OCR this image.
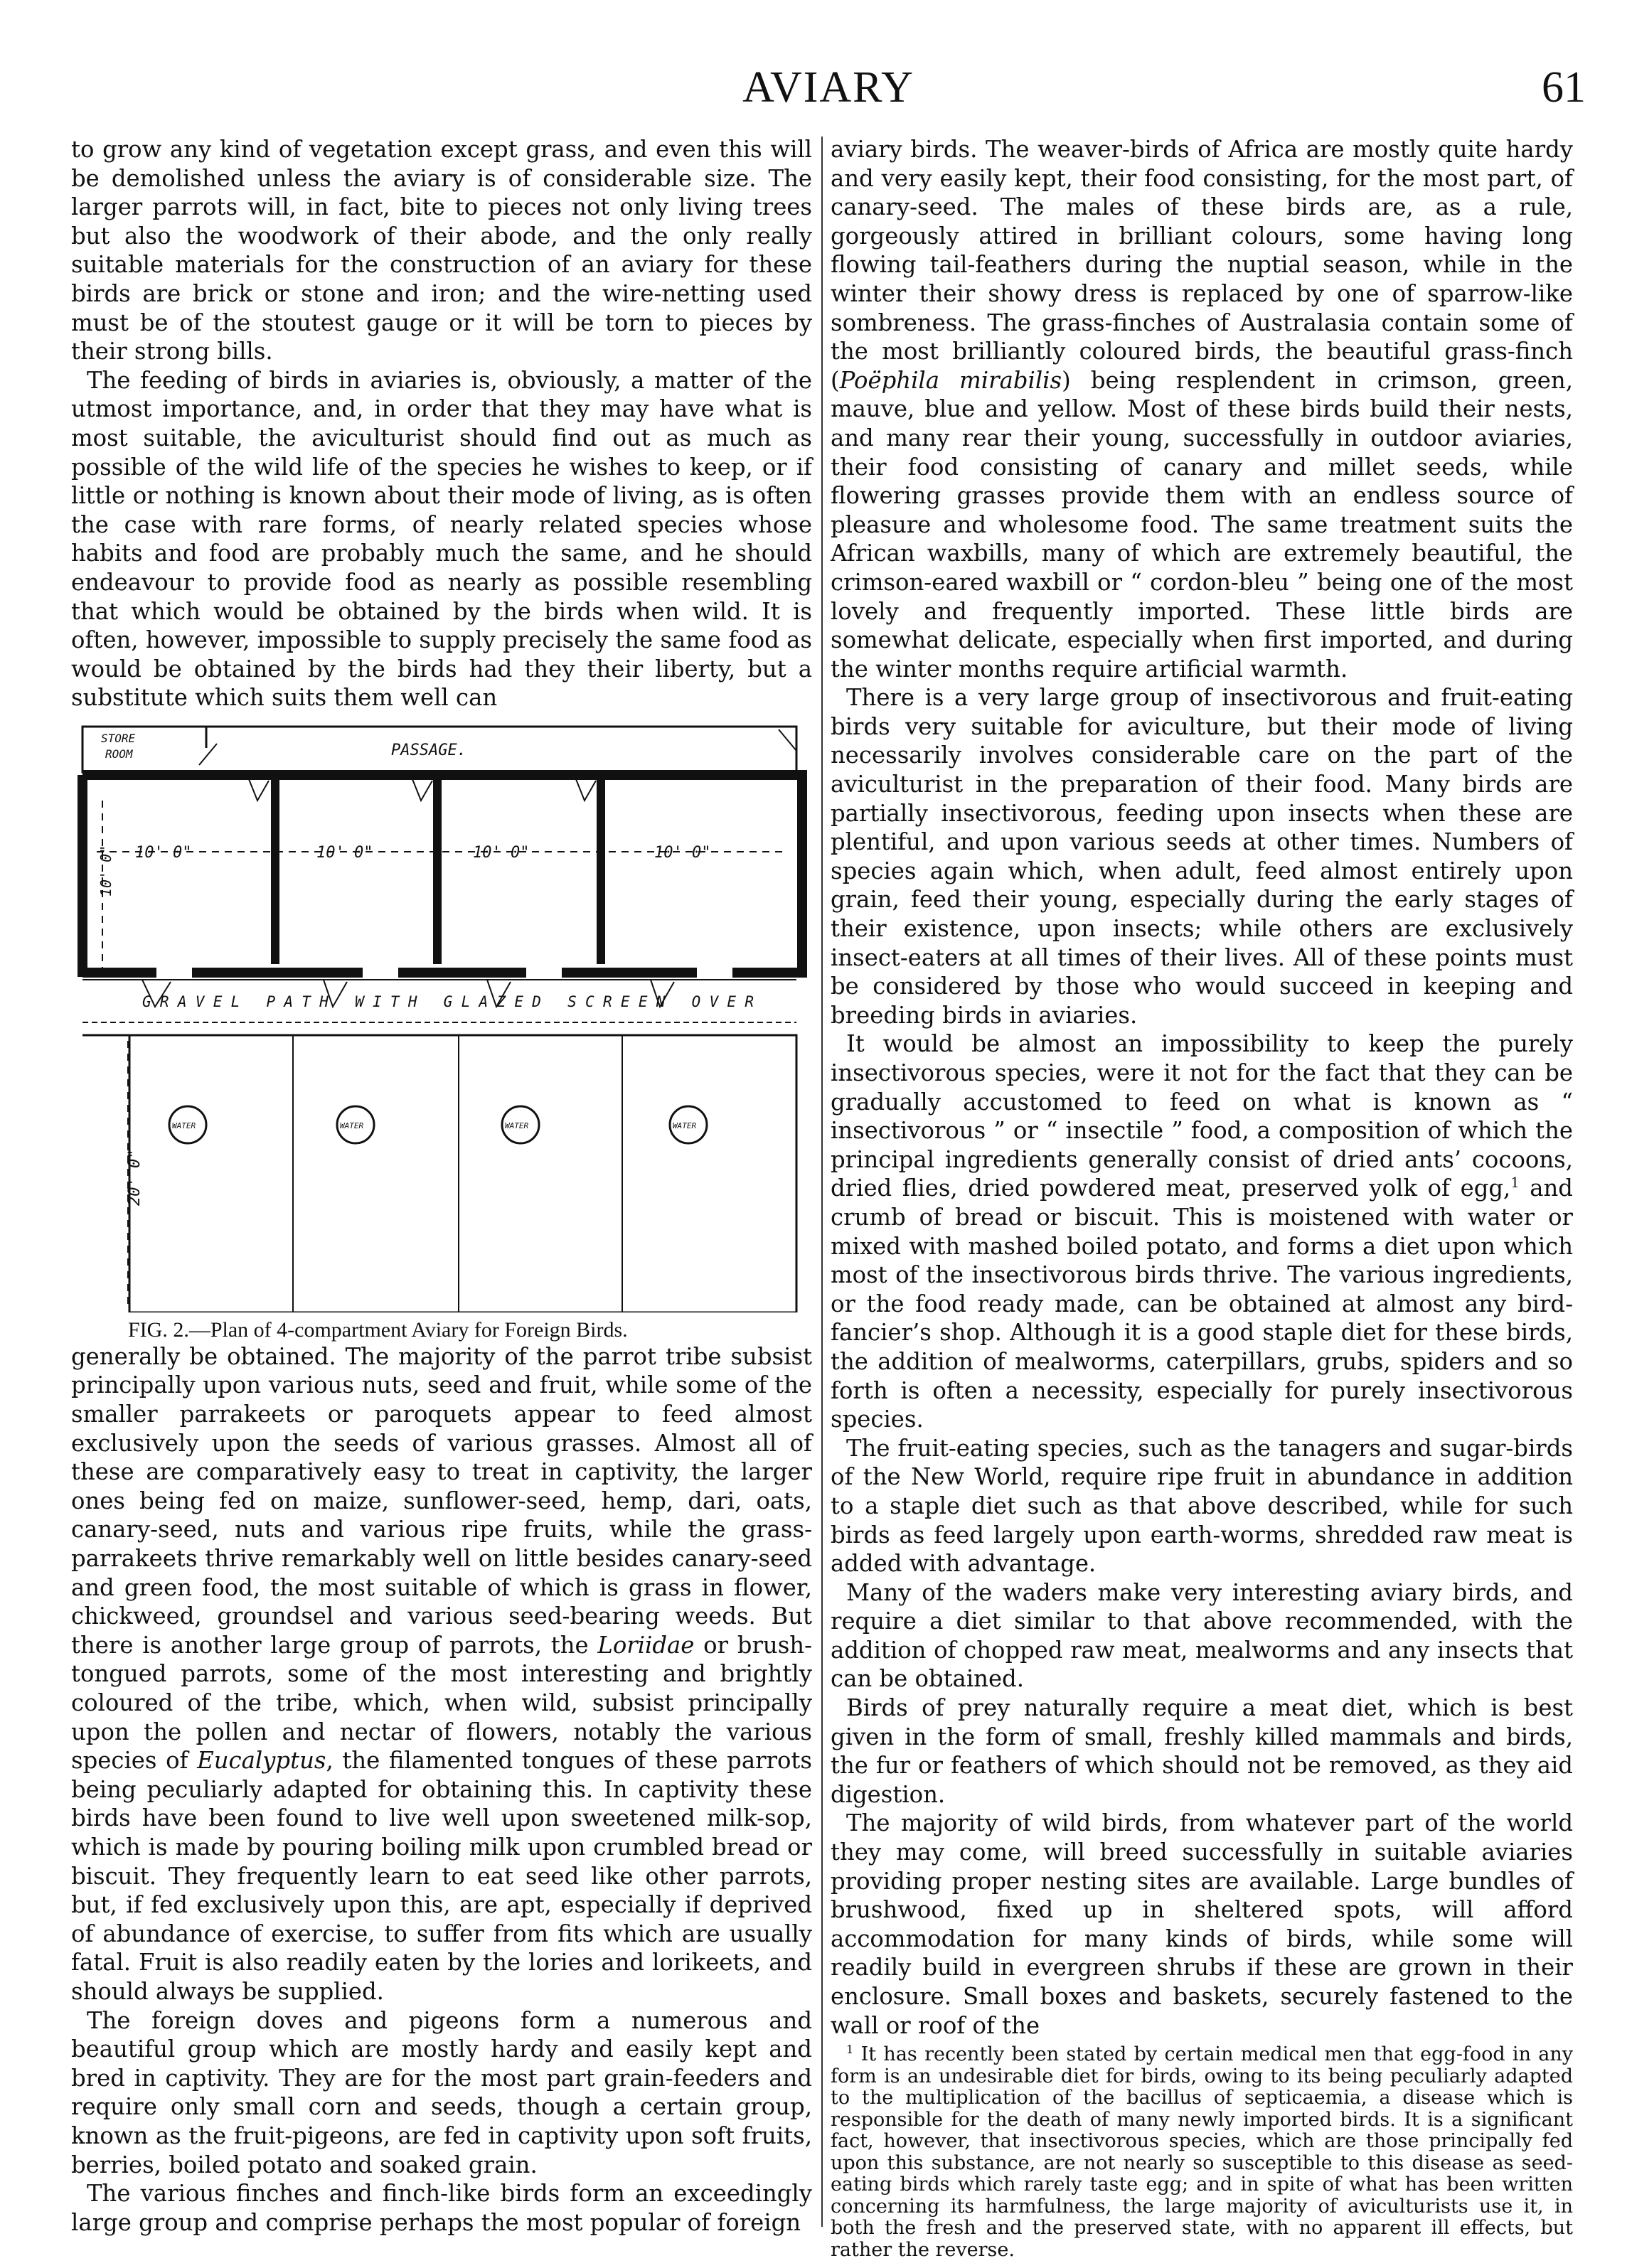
AVIARY	61

to grow any kind of vegetation except grass, and even this will be demolished unless the aviary is of considerable size. The larger parrots will, in fact, bite to pieces not only living trees but also the woodwork of their abode, and the only really suitable materials for the construction of an aviary for these birds are brick or stone and iron; and the wire-netting used must be of the stoutest gauge or it will be torn to pieces by their strong bills.

The feeding of birds in aviaries is, obviously, a matter of the utmost importance, and, in order that they may have what is most suitable, the aviculturist should find out as much as possible of the wild life of the species he wishes to keep, or if little or nothing is known about their mode of living, as is often the case with rare forms, of nearly related species whose habits and food are probably much the same, and he should endeavour to provide food as nearly as possible resembling that which would be obtained by the birds when wild. It is often, however, impossible to supply precisely the same food as would be obtained by the birds had they their liberty, but a substitute which suits them well can

STORE
ROOM	PASSAGE.
10' 0"	10' 0"	10' 0"	10' 0"
10' 0"
20' 0"
GRAVEL PATH WITH GLAZED SCREEN OVER
WATER	WATER	WATER	WATER
FIG. 2.—Plan of 4-compartment Aviary for Foreign Birds.

generally be obtained. The majority of the parrot tribe subsist principally upon various nuts, seed and fruit, while some of the smaller parrakeets or paroquets appear to feed almost exclusively upon the seeds of various grasses. Almost all of these are comparatively easy to treat in captivity, the larger ones being fed on maize, sunflower-seed, hemp, dari, oats, canary-seed, nuts and various ripe fruits, while the grass-parrakeets thrive remarkably well on little besides canary-seed and green food, the most suitable of which is grass in flower, chickweed, groundsel and various seed-bearing weeds. But there is another large group of parrots, the Loriidae or brush-tongued parrots, some of the most interesting and brightly coloured of the tribe, which, when wild, subsist principally upon the pollen and nectar of flowers, notably the various species of Eucalyptus, the filamented tongues of these parrots being peculiarly adapted for obtaining this. In captivity these birds have been found to live well upon sweetened milk-sop, which is made by pouring boiling milk upon crumbled bread or biscuit. They frequently learn to eat seed like other parrots, but, if fed exclusively upon this, are apt, especially if deprived of abundance of exercise, to suffer from fits which are usually fatal. Fruit is also readily eaten by the lories and lorikeets, and should always be supplied.

The foreign doves and pigeons form a numerous and beautiful group which are mostly hardy and easily kept and bred in captivity. They are for the most part grain-feeders and require only small corn and seeds, though a certain group, known as the fruit-pigeons, are fed in captivity upon soft fruits, berries, boiled potato and soaked grain.

The various finches and finch-like birds form an exceedingly large group and comprise perhaps the most popular of foreign

aviary birds. The weaver-birds of Africa are mostly quite hardy and very easily kept, their food consisting, for the most part, of canary-seed. The males of these birds are, as a rule, gorgeously attired in brilliant colours, some having long flowing tail-feathers during the nuptial season, while in the winter their showy dress is replaced by one of sparrow-like sombreness. The grass-finches of Australasia contain some of the most brilliantly coloured birds, the beautiful grass-finch (Poëphila mirabilis) being resplendent in crimson, green, mauve, blue and yellow. Most of these birds build their nests, and many rear their young, successfully in outdoor aviaries, their food consisting of canary and millet seeds, while flowering grasses provide them with an endless source of pleasure and wholesome food. The same treatment suits the African waxbills, many of which are extremely beautiful, the crimson-eared waxbill or “ cordon-bleu ” being one of the most lovely and frequently imported. These little birds are somewhat delicate, especially when first imported, and during the winter months require artificial warmth.

There is a very large group of insectivorous and fruit-eating birds very suitable for aviculture, but their mode of living necessarily involves considerable care on the part of the aviculturist in the preparation of their food. Many birds are partially insectivorous, feeding upon insects when these are plentiful, and upon various seeds at other times. Numbers of species again which, when adult, feed almost entirely upon grain, feed their young, especially during the early stages of their existence, upon insects; while others are exclusively insect-eaters at all times of their lives. All of these points must be considered by those who would succeed in keeping and breeding birds in aviaries.

It would be almost an impossibility to keep the purely insectivorous species, were it not for the fact that they can be gradually accustomed to feed on what is known as “ insectivorous ” or “ insectile ” food, a composition of which the principal ingredients generally consist of dried ants’ cocoons, dried flies, dried powdered meat, preserved yolk of egg,$^1$ and crumb of bread or biscuit. This is moistened with water or mixed with mashed boiled potato, and forms a diet upon which most of the insectivorous birds thrive. The various ingredients, or the food ready made, can be obtained at almost any bird-fancier’s shop. Although it is a good staple diet for these birds, the addition of mealworms, caterpillars, grubs, spiders and so forth is often a necessity, especially for purely insectivorous species.

The fruit-eating species, such as the tanagers and sugar-birds of the New World, require ripe fruit in abundance in addition to a staple diet such as that above described, while for such birds as feed largely upon earth-worms, shredded raw meat is added with advantage.

Many of the waders make very interesting aviary birds, and require a diet similar to that above recommended, with the addition of chopped raw meat, mealworms and any insects that can be obtained.

Birds of prey naturally require a meat diet, which is best given in the form of small, freshly killed mammals and birds, the fur or feathers of which should not be removed, as they aid digestion.

The majority of wild birds, from whatever part of the world they may come, will breed successfully in suitable aviaries providing proper nesting sites are available. Large bundles of brushwood, fixed up in sheltered spots, will afford accommodation for many kinds of birds, while some will readily build in evergreen shrubs if these are grown in their enclosure. Small boxes and baskets, securely fastened to the wall or roof of the

$^1$ It has recently been stated by certain medical men that egg-food in any form is an undesirable diet for birds, owing to its being peculiarly adapted to the multiplication of the bacillus of septicaemia, a disease which is responsible for the death of many newly imported birds. It is a significant fact, however, that insectivorous species, which are those principally fed upon this substance, are not nearly so susceptible to this disease as seed-eating birds which rarely taste egg; and in spite of what has been written concerning its harmfulness, the large majority of aviculturists use it, in both the fresh and the preserved state, with no apparent ill effects, but rather the reverse.
